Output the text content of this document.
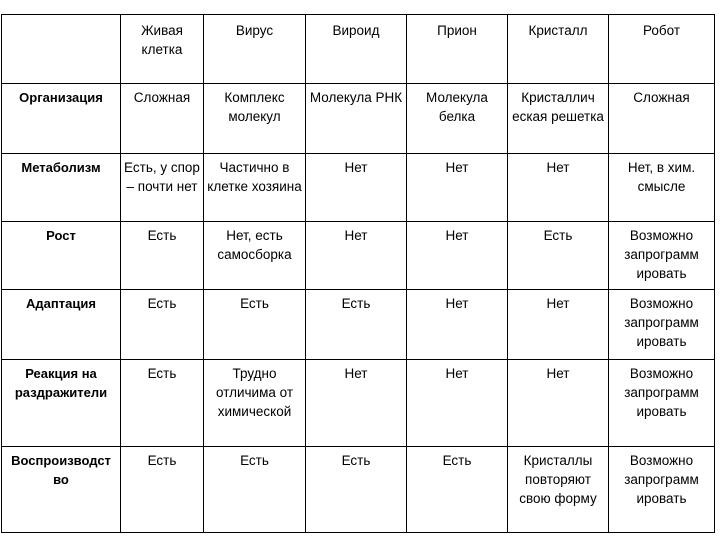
	Живая клетка	Вирус	Вироид	Прион	Кристалл	Робот
Организация	Сложная	Комплекс молекул	Молекула РНК	Молекула белка	Кристаллич еская решетка	Сложная
Метаболизм	Есть, у спор – почти нет	Частично в клетке хозяина	Нет	Нет	Нет	Нет, в хим. смысле
Рост	Есть	Нет, есть самосборка	Нет	Нет	Есть	Возможно запрограмм ировать
Адаптация	Есть	Есть	Есть	Нет	Нет	Возможно запрограмм ировать
Реакция на раздражители	Есть	Трудно отличима от химической	Нет	Нет	Нет	Возможно запрограмм ировать
Воспроизводст во	Есть	Есть	Есть	Есть	Кристаллы повторяют свою форму	Возможно запрограмм ировать
